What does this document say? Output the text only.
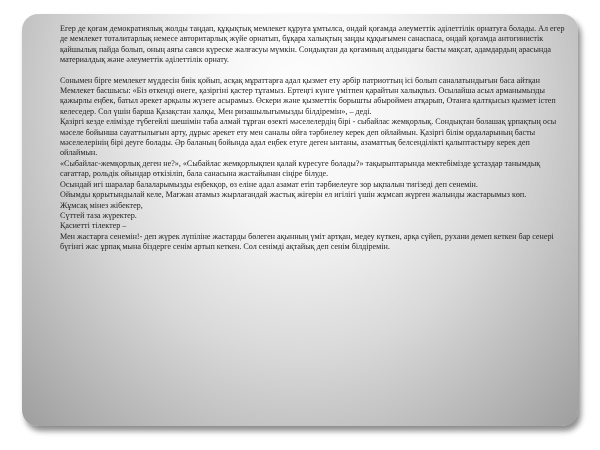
Егер де қоғам демократиялық жолды таңдап, құқықтық мемлекет құруға ұмтылса, ондай қоғамда әлеуметтік әділеттілік орнатуға болады. Ал егер де мемлекет тоталитарлық немесе авторитарлық жүйе орнатып, бұқара халықтың заңды құқығымен санаспаса, ондай қоғамда антогинистік қайшылық пайда болып, оның аяғы саяси күреске жалғасуы мүмкін. Сондықтан да қоғамның алдындағы басты мақсат, адамдардың арасында материалдық және әлеуметтік әділеттілік орнату.

Сонымен бірге мемлекет мүддесін биік қойып, асқақ мұраттарға адал қызмет ету әрбір патриоттың ісі болып саналатындығын баса айтқан Мемлекет басшысы: «Біз өткенді өнеге, қазіргіні қастер тұтамыз. Ертеңгі күнге үмітпен қарайтын халықпыз. Осылайша асыл арманымызды қажырлы еңбек, батыл әрекет арқылы жүзеге асырамыз. Өскери және қызметтік борышты абыроймен атқарып, Отанға қалтқысыз қызмет істеп келеседер. Сол үшін барша Қазақстан халқы, Мен ризашылығымызды білдіремін», – деді.

Қазіргі кезде елімізде түбегейлі шешімін таба алмай тұрған өзекті мәселелердің бірі - сыбайлас жемқорлық. Сондықтан болашақ ұрпақтың осы мәселе бойынша сауаттылығын арту, дұрыс әрекет ету мен саналы ойға тәрбиелеу керек деп ойлаймын. Қазіргі білім ордаларының басты мәселелерінің бірі деуге болады. Әр баланың бойында адал еңбек етуге деген ынтаны, азаматтық белсенділікті қалыптастыру керек деп ойлаймын.

«Сыбайлас-жемқорлық деген не?», «Сыбайлас жемқорлықпен қалай күресуге болады?» тақырыптарында мектебімізде ұстаздар танымдық сағаттар, рольдік ойындар өткізіліп, бала санасына жастайынан сіңіре білуде.

Осындай игі шаралар балаларымызды еңбекқор, өз еліне адал азамат етіп тәрбиелеуге зор ықпалын тигізеді деп сенемін.

Ойымды қорытындылай келе, Мағжан атамыз жырлағандай жастық жігерін ел игілігі үшін жұмсап жүрген жалынды жастарымыз көп.

Жұмсақ мінез жібектер,

Сүттей таза жүректер.

Қасиетті тілектер –

Мен жастарға сенемін!- деп жүрек лүпіліне жастарды бөлеген ақынның үміт артқан, медеу күткен, арқа сүйеп, рухани демеп кеткен бар сенері бүгінгі жас ұрпақ мына біздерге сенім артып кеткен. Сол сенімді ақтайық деп сенім білдіремін.
